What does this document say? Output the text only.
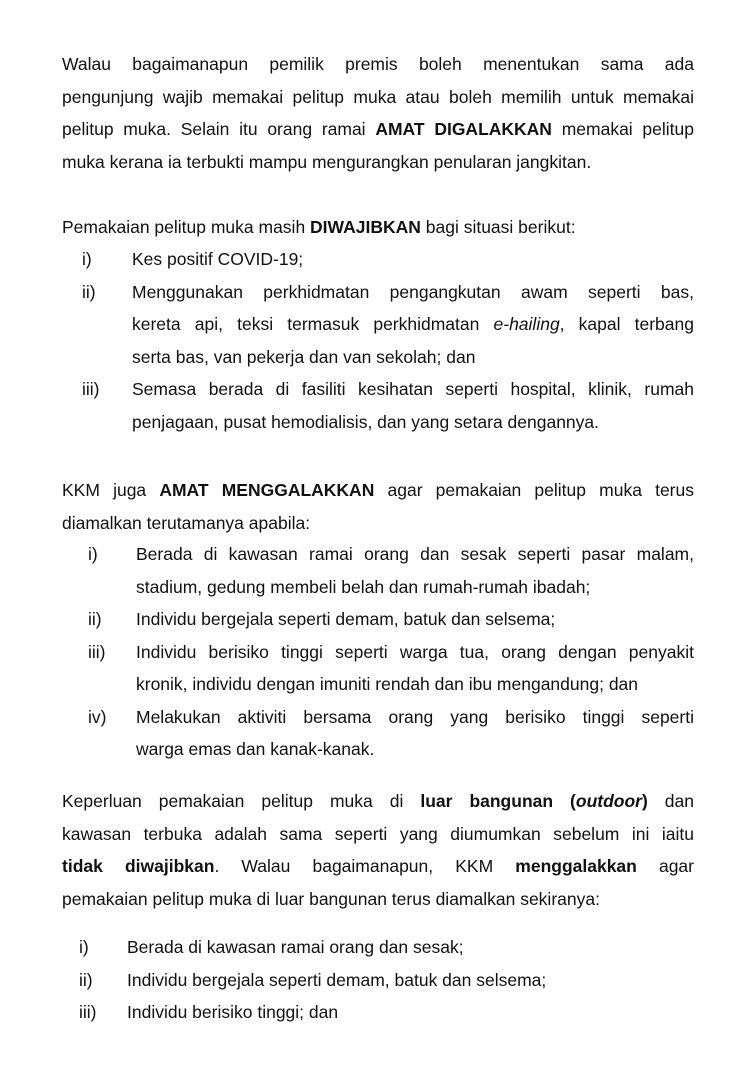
Walau bagaimanapun pemilik premis boleh menentukan sama ada
pengunjung wajib memakai pelitup muka atau boleh memilih untuk memakai
pelitup muka. Selain itu orang ramai AMAT DIGALAKKAN memakai pelitup
muka kerana ia terbukti mampu mengurangkan penularan jangkitan.

Pemakaian pelitup muka masih DIWAJIBKAN bagi situasi berikut:

i)	Kes positif COVID-19;
ii)	Menggunakan perkhidmatan pengangkutan awam seperti bas,
kereta api, teksi termasuk perkhidmatan e-hailing, kapal terbang
serta bas, van pekerja dan van sekolah; dan
iii)	Semasa berada di fasiliti kesihatan seperti hospital, klinik, rumah
penjagaan, pusat hemodialisis, dan yang setara dengannya.

KKM juga AMAT MENGGALAKKAN agar pemakaian pelitup muka terus
diamalkan terutamanya apabila:

i)	Berada di kawasan ramai orang dan sesak seperti pasar malam,
stadium, gedung membeli belah dan rumah-rumah ibadah;
ii)	Individu bergejala seperti demam, batuk dan selsema;
iii)	Individu berisiko tinggi seperti warga tua, orang dengan penyakit
kronik, individu dengan imuniti rendah dan ibu mengandung; dan
iv)	Melakukan aktiviti bersama orang yang berisiko tinggi seperti
warga emas dan kanak-kanak.

Keperluan pemakaian pelitup muka di luar bangunan (outdoor) dan
kawasan terbuka adalah sama seperti yang diumumkan sebelum ini iaitu
tidak diwajibkan. Walau bagaimanapun, KKM menggalakkan agar
pemakaian pelitup muka di luar bangunan terus diamalkan sekiranya:

i)	Berada di kawasan ramai orang dan sesak;
ii)	Individu bergejala seperti demam, batuk dan selsema;
iii)	Individu berisiko tinggi; dan
